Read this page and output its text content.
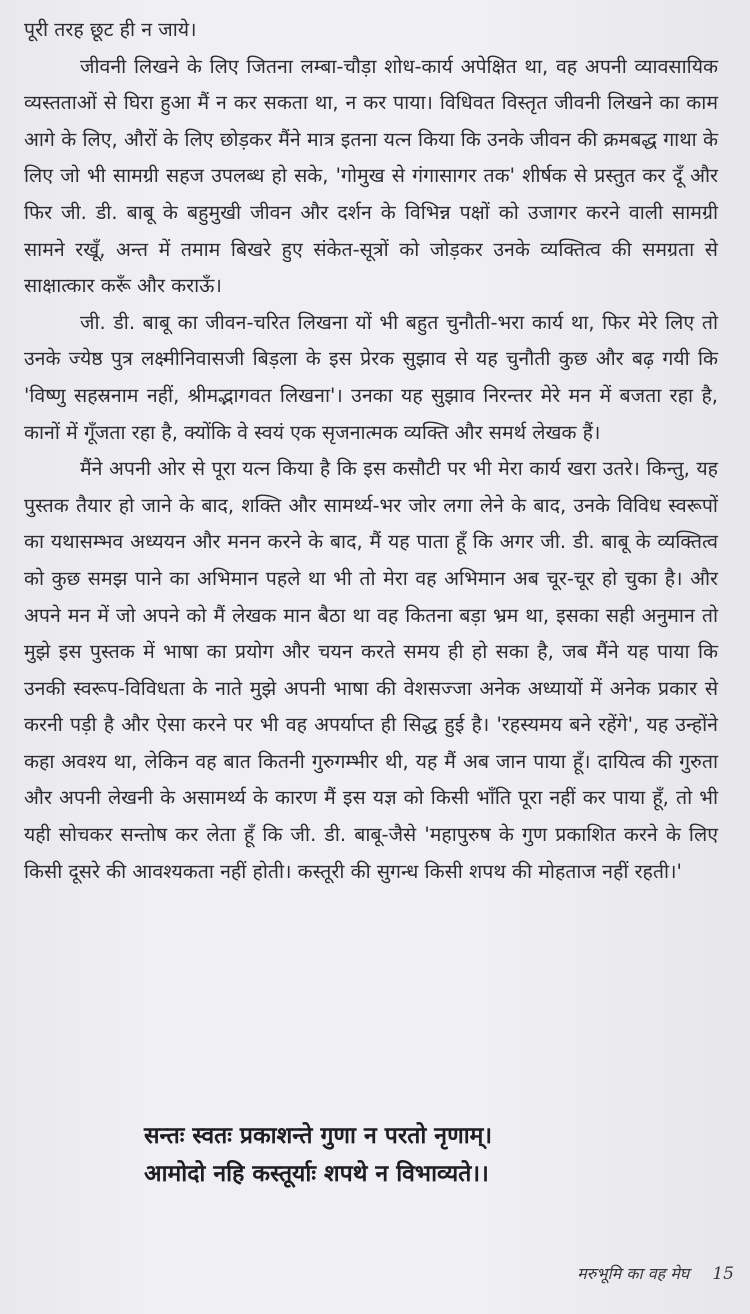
पूरी तरह छूट ही न जाये।

जीवनी लिखने के लिए जितना लम्बा-चौड़ा शोध-कार्य अपेक्षित था, वह अपनी व्यावसायिक व्यस्तताओं से घिरा हुआ मैं न कर सकता था, न कर पाया। विधिवत विस्तृत जीवनी लिखने का काम आगे के लिए, औरों के लिए छोड़कर मैंने मात्र इतना यत्न किया कि उनके जीवन की क्रमबद्ध गाथा के लिए जो भी सामग्री सहज उपलब्ध हो सके, 'गोमुख से गंगासागर तक' शीर्षक से प्रस्तुत कर दूँ और फिर जी. डी. बाबू के बहुमुखी जीवन और दर्शन के विभिन्न पक्षों को उजागर करने वाली सामग्री सामने रखूँ, अन्त में तमाम बिखरे हुए संकेत-सूत्रों को जोड़कर उनके व्यक्तित्व की समग्रता से साक्षात्कार करूँ और कराऊँ।

जी. डी. बाबू का जीवन-चरित लिखना यों भी बहुत चुनौती-भरा कार्य था, फिर मेरे लिए तो उनके ज्येष्ठ पुत्र लक्ष्मीनिवासजी बिड़ला के इस प्रेरक सुझाव से यह चुनौती कुछ और बढ़ गयी कि 'विष्णु सहस्रनाम नहीं, श्रीमद्भागवत लिखना'। उनका यह सुझाव निरन्तर मेरे मन में बजता रहा है, कानों में गूँजता रहा है, क्योंकि वे स्वयं एक सृजनात्मक व्यक्ति और समर्थ लेखक हैं।

मैंने अपनी ओर से पूरा यत्न किया है कि इस कसौटी पर भी मेरा कार्य खरा उतरे। किन्तु, यह पुस्तक तैयार हो जाने के बाद, शक्ति और सामर्थ्य-भर जोर लगा लेने के बाद, उनके विविध स्वरूपों का यथासम्भव अध्ययन और मनन करने के बाद, मैं यह पाता हूँ कि अगर जी. डी. बाबू के व्यक्तित्व को कुछ समझ पाने का अभिमान पहले था भी तो मेरा वह अभिमान अब चूर-चूर हो चुका है। और अपने मन में जो अपने को मैं लेखक मान बैठा था वह कितना बड़ा भ्रम था, इसका सही अनुमान तो मुझे इस पुस्तक में भाषा का प्रयोग और चयन करते समय ही हो सका है, जब मैंने यह पाया कि उनकी स्वरूप-विविधता के नाते मुझे अपनी भाषा की वेशसज्जा अनेक अध्यायों में अनेक प्रकार से करनी पड़ी है और ऐसा करने पर भी वह अपर्याप्त ही सिद्ध हुई है। 'रहस्यमय बने रहेंगे', यह उन्होंने कहा अवश्य था, लेकिन वह बात कितनी गुरुगम्भीर थी, यह मैं अब जान पाया हूँ। दायित्व की गुरुता और अपनी लेखनी के असामर्थ्य के कारण मैं इस यज्ञ को किसी भाँति पूरा नहीं कर पाया हूँ, तो भी यही सोचकर सन्तोष कर लेता हूँ कि जी. डी. बाबू-जैसे 'महापुरुष के गुण प्रकाशित करने के लिए किसी दूसरे की आवश्यकता नहीं होती। कस्तूरी की सुगन्ध किसी शपथ की मोहताज नहीं रहती।'

सन्तः स्वतः प्रकाशन्ते गुणा न परतो नृणाम्।
आमोदो नहि कस्तूर्याः शपथे न विभाव्यते।।
मरुभूमि का वह मेघ 15
